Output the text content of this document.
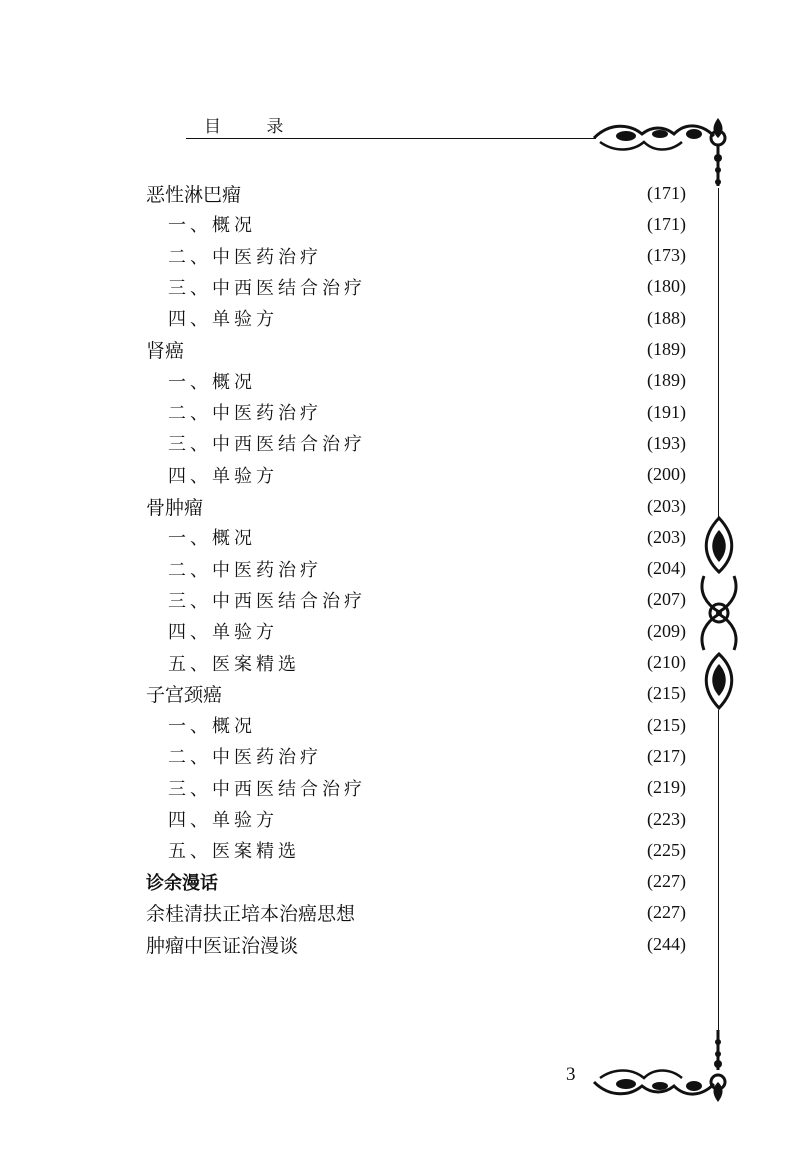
目 录
恶性淋巴瘤	(171)
一、概况	(171)
二、中医药治疗	(173)
三、中西医结合治疗	(180)
四、单验方	(188)
肾癌	(189)
一、概况	(189)
二、中医药治疗	(191)
三、中西医结合治疗	(193)
四、单验方	(200)
骨肿瘤	(203)
一、概况	(203)
二、中医药治疗	(204)
三、中西医结合治疗	(207)
四、单验方	(209)
五、医案精选	(210)
子宫颈癌	(215)
一、概况	(215)
二、中医药治疗	(217)
三、中西医结合治疗	(219)
四、单验方	(223)
五、医案精选	(225)
诊余漫话	(227)
余桂清扶正培本治癌思想	(227)
肿瘤中医证治漫谈	(244)
3
